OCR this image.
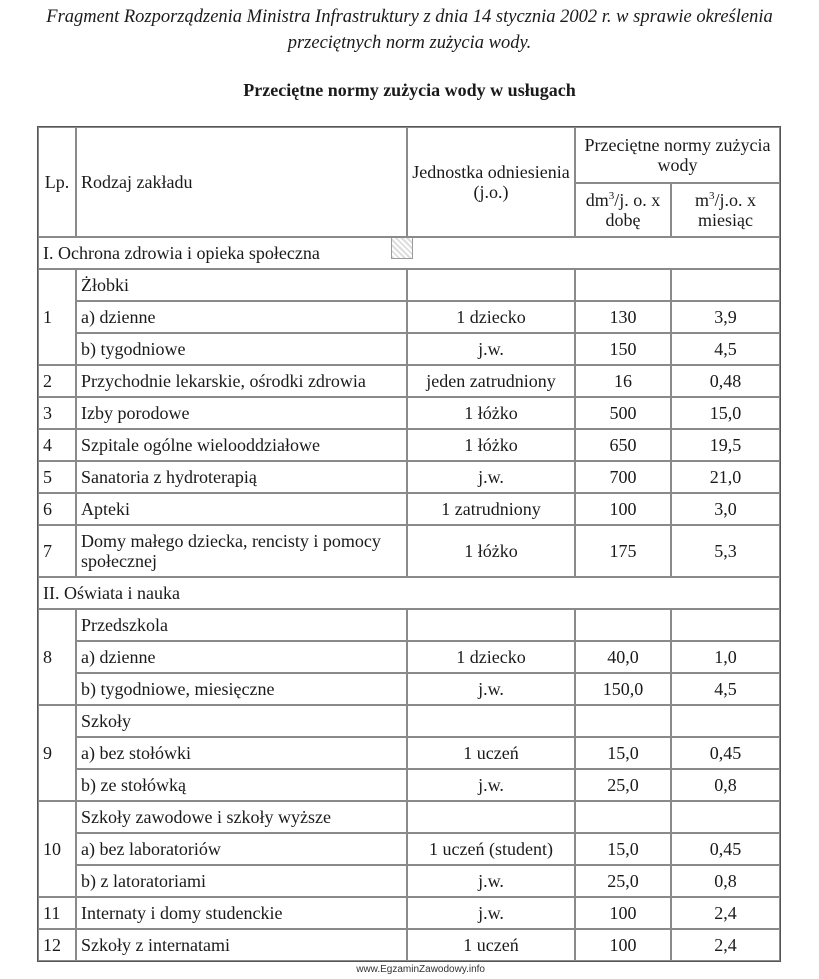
Fragment Rozporządzenia Ministra Infrastruktury z dnia 14 stycznia 2002 r. w sprawie określenia
przeciętnych norm zużycia wody.
Przeciętne normy zużycia wody w usługach
Lp.	Rodzaj zakładu	Jednostka odniesienia (j.o.)	Przeciętne normy zużycia wody	
			$dm^3/j$. o. x dobę	$m^3/j.o$. x miesiąc
I. Ochrona zdrowia i opieka społeczna				
1	Żłobki			
	a) dzienne	1 dziecko	130	3,9
	b) tygodniowe	j.w.	150	4,5
2	Przychodnie lekarskie, ośrodki zdrowia	jeden zatrudniony	16	0,48
3	Izby porodowe	1 łóżko	500	15,0
4	Szpitale ogólne wielooddziałowe	1 łóżko	650	19,5
5	Sanatoria z hydroterapią	j.w.	700	21,0
6	Apteki	1 zatrudniony	100	3,0
7	Domy małego dziecka, rencisty i pomocy społecznej	1 łóżko	175	5,3
II. Oświata i nauka				
8	Przedszkola			
	a) dzienne	1 dziecko	40,0	1,0
	b) tygodniowe, miesięczne	j.w.	150,0	4,5
9	Szkoły			
	a) bez stołówki	1 uczeń	15,0	0,45
	b) ze stołówką	j.w.	25,0	0,8
10	Szkoły zawodowe i szkoły wyższe			
	a) bez laboratoriów	1 uczeń (student)	15,0	0,45
	b) z latoratoriami	j.w.	25,0	0,8
11	Internaty i domy studenckie	j.w.	100	2,4
12	Szkoły z internatami	1 uczeń	100	2,4
www.EgzaminZawodowy.info
